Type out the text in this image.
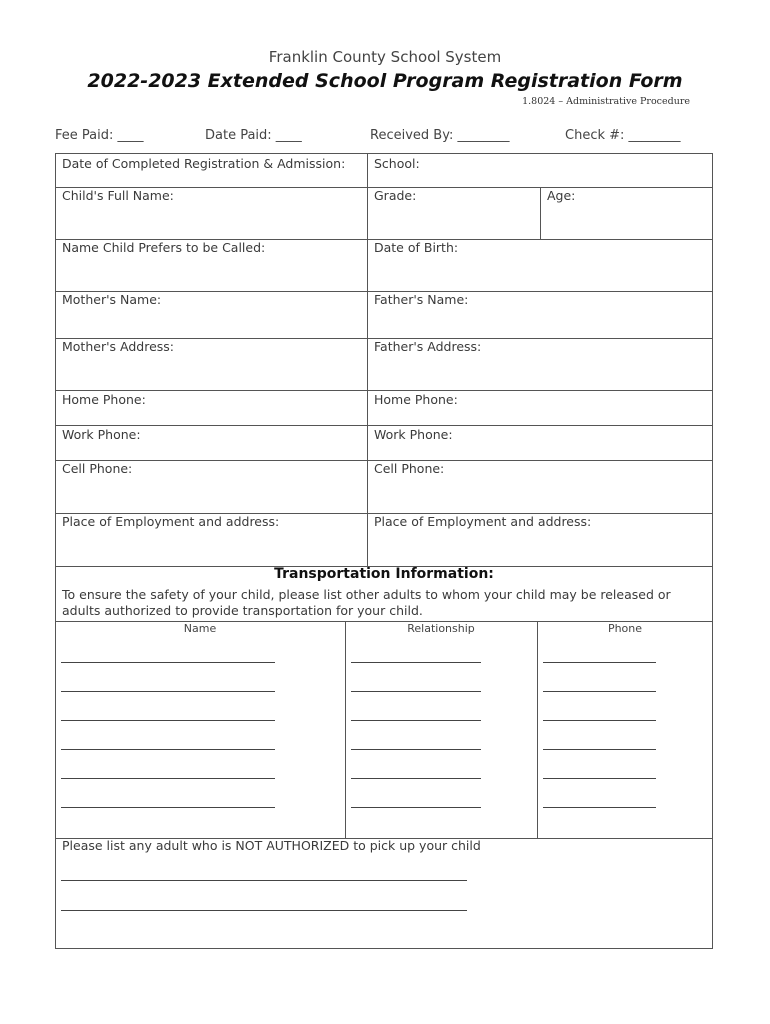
Franklin County School System
2022-2023 Extended School Program Registration Form
1.8024 – Administrative Procedure
Fee Paid: ____	Date Paid: ____	Received By: ________	Check #: ________
Date of Completed Registration & Admission: School:
Child's Full Name:	Grade:	Age:
Name Child Prefers to be Called:	Date of Birth:
Mother's Name:	Father's Name:
Mother's Address:	Father's Address:
Home Phone:	Home Phone:
Work Phone:	Work Phone:
Cell Phone:	Cell Phone:
Place of Employment and address:	Place of Employment and address:
Transportation Information:
To ensure the safety of your child, please list other adults to whom your child may be released or adults authorized to provide transportation for your child.
Name	Relationship	Phone
Please list any adult who is NOT AUTHORIZED to pick up your child
